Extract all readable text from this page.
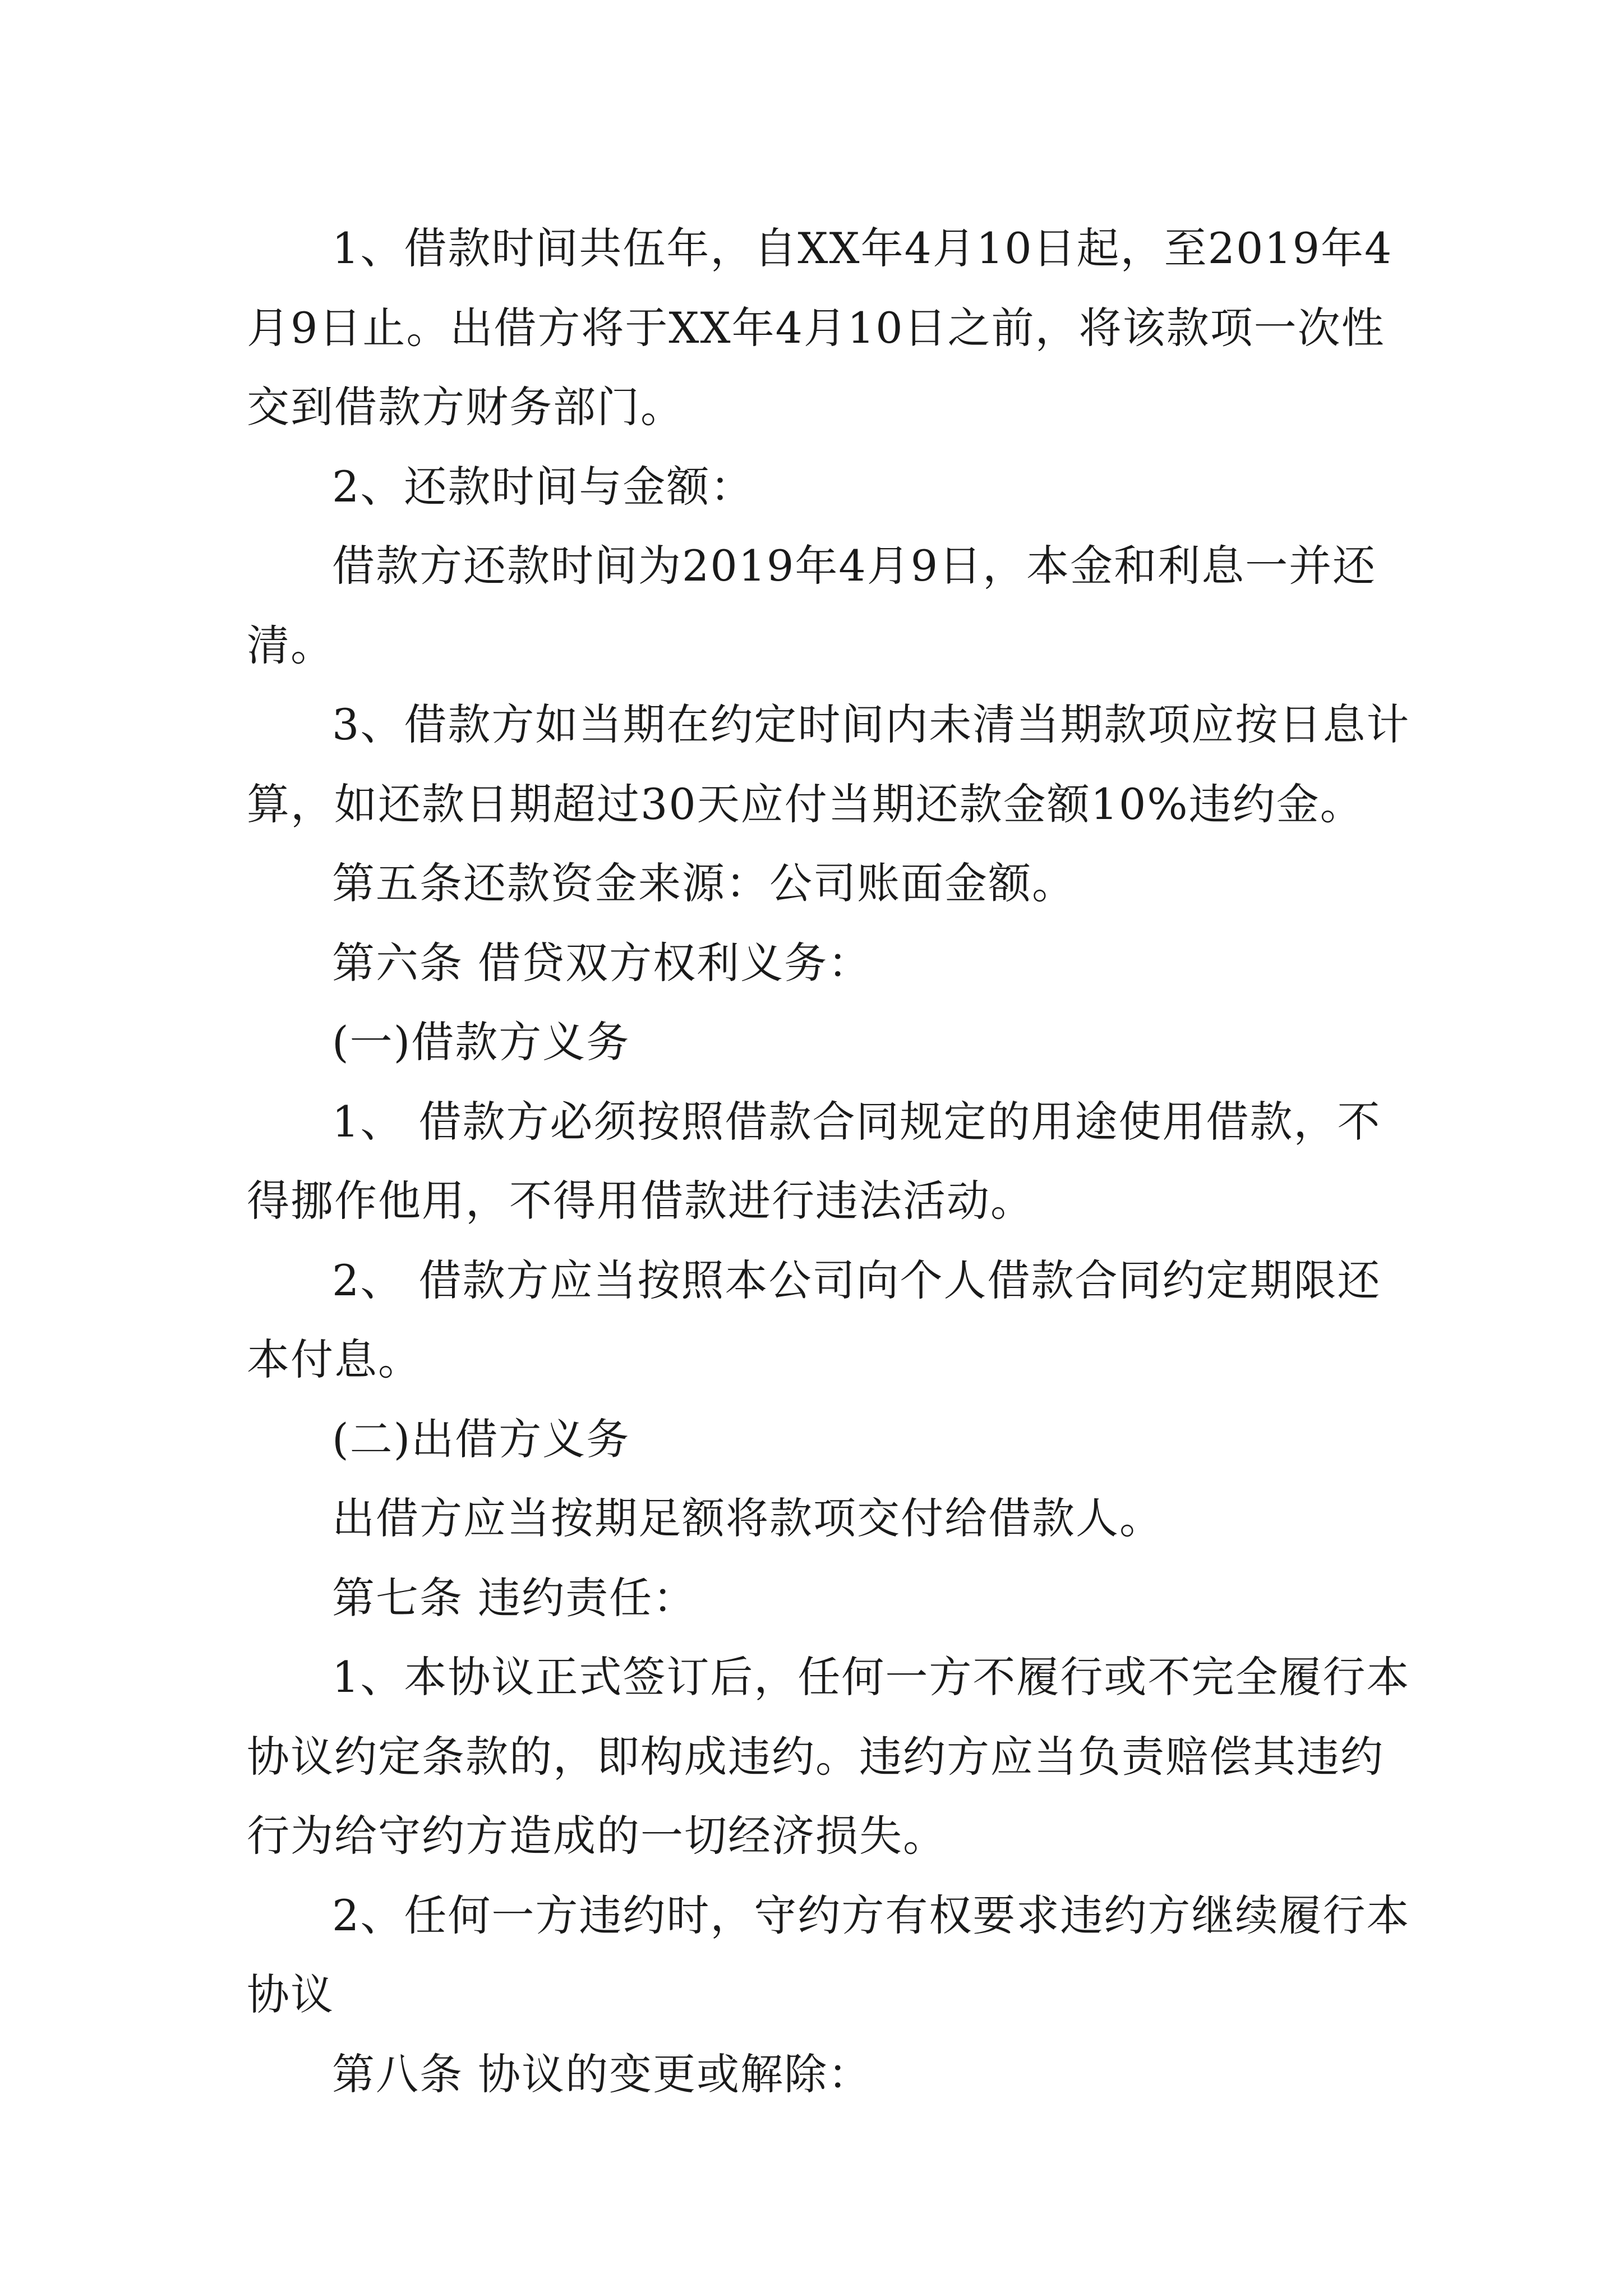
1、借款时间共伍年，自XX年4月10日起，至2019年4月9日止。出借方将于XX年4月10日之前，将该款项一次性交到借款方财务部门。

2、还款时间与金额：

借款方还款时间为2019年4月9日，本金和利息一并还清。

3、借款方如当期在约定时间内未清当期款项应按日息计算，如还款日期超过30天应付当期还款金额10%违约金。

第五条还款资金来源：公司账面金额。

第六条 借贷双方权利义务：

(一)借款方义务

1、 借款方必须按照借款合同规定的用途使用借款，不得挪作他用，不得用借款进行违法活动。

2、 借款方应当按照本公司向个人借款合同约定期限还本付息。

(二)出借方义务

出借方应当按期足额将款项交付给借款人。

第七条 违约责任：

1、本协议正式签订后，任何一方不履行或不完全履行本协议约定条款的，即构成违约。违约方应当负责赔偿其违约行为给守约方造成的一切经济损失。

2、任何一方违约时，守约方有权要求违约方继续履行本协议

第八条 协议的变更或解除：
